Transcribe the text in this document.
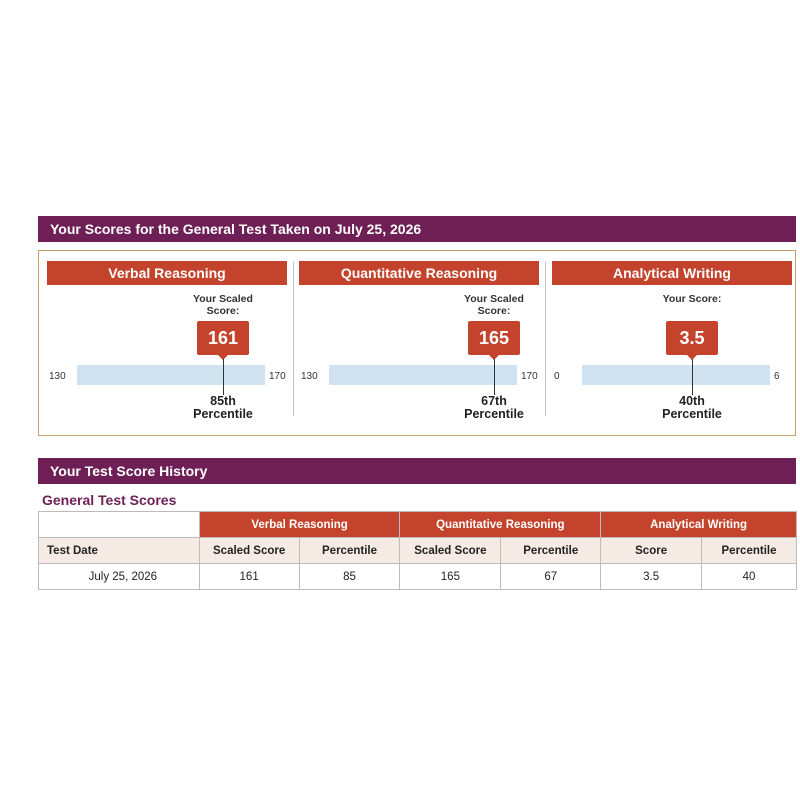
Your Scores for the General Test Taken on July 25, 2026
Verbal Reasoning
Your Scaled Score:
161
130	170
85th
Percentile
Quantitative Reasoning
Your Scaled Score:
165
130	170
67th
Percentile
Analytical Writing
Your Score:
3.5
0	6
40th
Percentile
Your Test Score History
General Test Scores
	Verbal Reasoning		Quantitative Reasoning		Analytical Writing	
Test Date	Scaled Score	Percentile	Scaled Score	Percentile	Score	Percentile
July 25, 2026	161	85	165	67	3.5	40
